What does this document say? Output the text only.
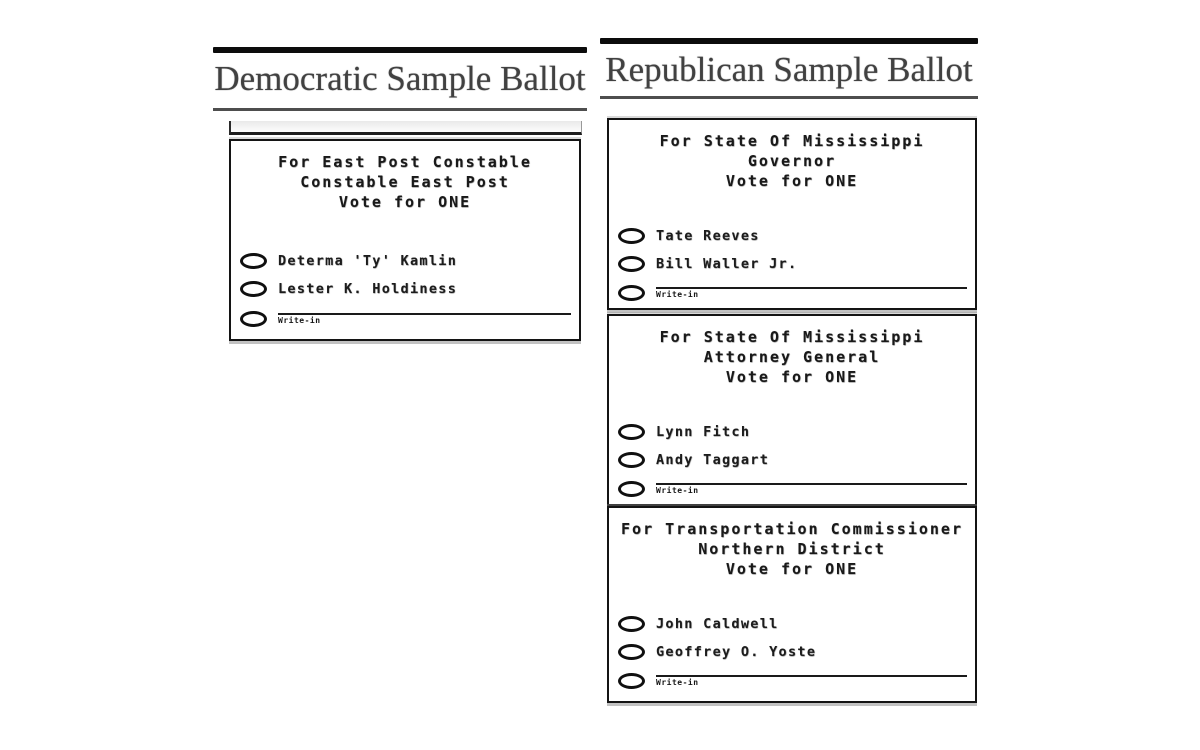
Democratic Sample Ballot
For East Post Constable
Constable East Post
Vote for ONE
Determa 'Ty' Kamlin
Lester K. Holdiness
Write-in
Republican Sample Ballot
For State Of Mississippi
Governor
Vote for ONE
Tate Reeves
Bill Waller Jr.
Write-in
For State Of Mississippi
Attorney General
Vote for ONE
Lynn Fitch
Andy Taggart
Write-in
For Transportation Commissioner
Northern District
Vote for ONE
John Caldwell
Geoffrey O. Yoste
Write-in
